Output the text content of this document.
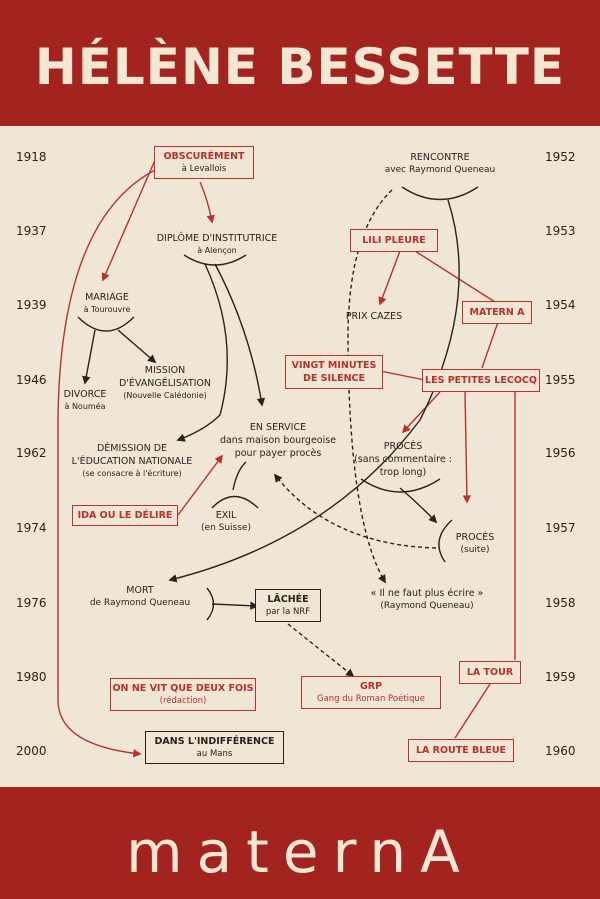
HÉLÈNE BESSETTE
maternA
1918
1937
1939
1946
1962
1974
1976
1980
2000
1952
1953
1954
1955
1956
1957
1958
1959
1960
OBSCURÉMENT
à Levallois
DIPLÔME D'INSTITUTRICE
à Alençon
MARIAGE
à Tourouvre
MISSION
D'ÉVANGÉLISATION
(Nouvelle Calédonie)
DIVORCE
à Nouméa
DÉMISSION DE
L'ÉDUCATION NATIONALE
(se consacre à l'écriture)
EN SERVICE
dans maison bourgeoise
pour payer procès
IDA OU LE DÉLIRE	EXIL
(en Suisse)
MORT
de Raymond Queneau	LÂCHÉE
par la NRF
ON NE VIT QUE DEUX FOIS
(rédaction)
DANS L'INDIFFÉRENCE
au Mans
RENCONTRE
avec Raymond Queneau
LILI PLEURE
PRIX CAZES	MATERN A
VINGT MINUTES
DE SILENCE	LES PETITES LECOCQ
PROCÈS
(sans commentaire :
trop long)
PROCÈS
(suite)
« Il ne faut plus écrire »
(Raymond Queneau)
GRP
Gang du Roman Poétique
LA TOUR
LA ROUTE BLEUE
